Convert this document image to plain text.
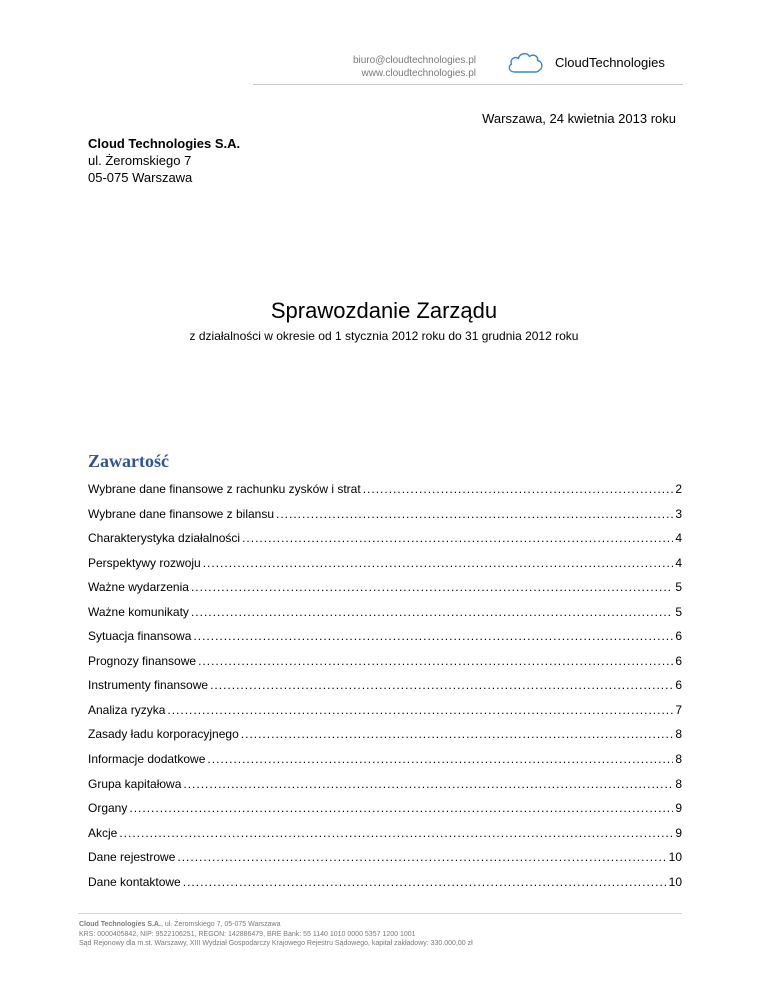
biuro@cloudtechnologies.pl
www.cloudtechnologies.pl
CloudTechnologies
Warszawa, 24 kwietnia 2013 roku
Cloud Technologies S.A.
ul. Żeromskiego 7
05-075 Warszawa
Sprawozdanie Zarządu
z działalności w okresie od 1 stycznia 2012 roku do 31 grudnia 2012 roku
Zawartość
Wybrane dane finansowe z rachunku zysków i strat .....	2
Wybrane dane finansowe z bilansu .....	3
Charakterystyka działalności .....	4
Perspektywy rozwoju .....	4
Ważne wydarzenia .....	5
Ważne komunikaty .....	5
Sytuacja finansowa .....	6
Prognozy finansowe .....	6
Instrumenty finansowe .....	6
Analiza ryzyka .....	7
Zasady ładu korporacyjnego .....	8
Informacje dodatkowe .....	8
Grupa kapitałowa .....	8
Organy .....	9
Akcje .....	9
Dane rejestrowe .....	10
Dane kontaktowe .....	10
Cloud Technologies S.A., ul. Żeromskiego 7, 05-075 Warszawa
KRS: 0000405842, NIP: 9522106251, REGON: 142886479, BRE Bank: 55 1140 1010 0000 5357 1200 1001
Sąd Rejonowy dla m.st. Warszawy, XIII Wydział Gospodarczy Krajowego Rejestru Sądowego, kapitał zakładowy: 330.000,00 zł
